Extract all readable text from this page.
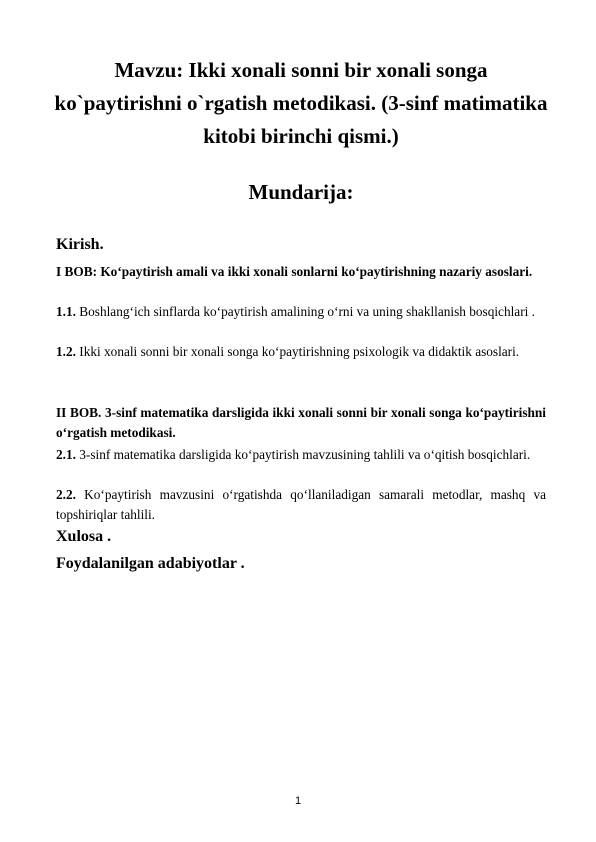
Mavzu: Ikki xonali sonni bir xonali songa ko`paytirishni o`rgatish metodikasi. (3-sinf matimatika kitobi birinchi qismi.)
Mundarija:
Kirish.
I BOB: Ko‘paytirish amali va ikki xonali sonlarni ko‘paytirishning nazariy asoslari.
1.1. Boshlang‘ich sinflarda ko‘paytirish amalining o‘rni va uning shakllanish bosqichlari .
1.2. Ikki xonali sonni bir xonali songa ko‘paytirishning psixologik va didaktik asoslari.
II BOB. 3-sinf matematika darsligida ikki xonali sonni bir xonali songa ko‘paytirishni o‘rgatish metodikasi.
2.1. 3-sinf matematika darsligida ko‘paytirish mavzusining tahlili va o‘qitish bosqichlari.
2.2. Ko‘paytirish mavzusini o‘rgatishda qo‘llaniladigan samarali metodlar, mashq va topshiriqlar tahlili.
Xulosa .
Foydalanilgan adabiyotlar .
1
